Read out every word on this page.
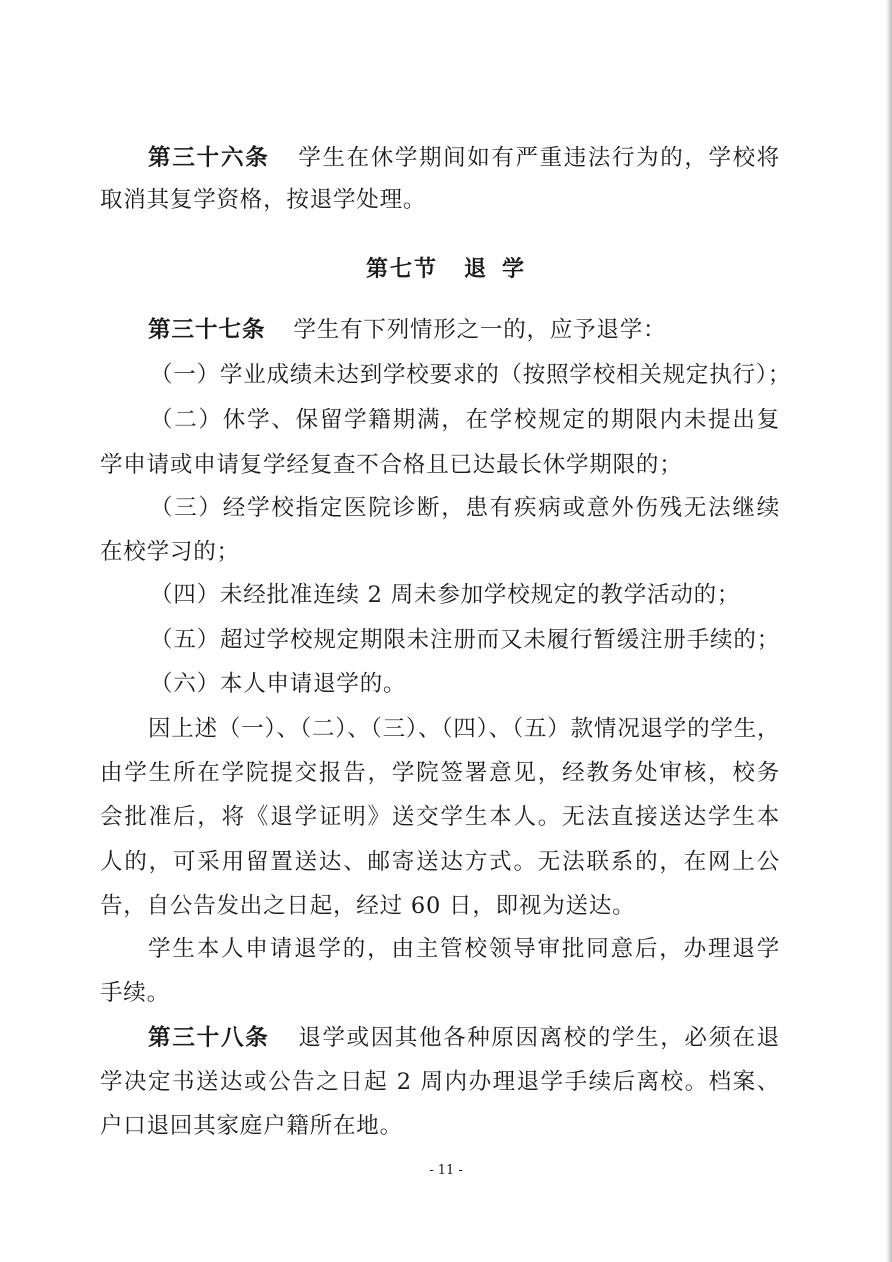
第三十六条 学生在休学期间如有严重违法行为的，学校将
取消其复学资格，按退学处理。
第七节 退 学
第三十七条 学生有下列情形之一的，应予退学：
（一）学业成绩未达到学校要求的（按照学校相关规定执行）；
（二）休学、保留学籍期满，在学校规定的期限内未提出复
学申请或申请复学经复查不合格且已达最长休学期限的；
（三）经学校指定医院诊断，患有疾病或意外伤残无法继续
在校学习的；
（四）未经批准连续 2 周未参加学校规定的教学活动的；
（五）超过学校规定期限未注册而又未履行暂缓注册手续的；
（六）本人申请退学的。
因上述（一）、（二）、（三）、（四）、（五）款情况退学的学生，
由学生所在学院提交报告，学院签署意见，经教务处审核，校务
会批准后，将《退学证明》送交学生本人。无法直接送达学生本
人的，可采用留置送达、邮寄送达方式。无法联系的，在网上公
告，自公告发出之日起，经过 60 日，即视为送达。
学生本人申请退学的，由主管校领导审批同意后，办理退学
手续。
第三十八条 退学或因其他各种原因离校的学生，必须在退
学决定书送达或公告之日起 2 周内办理退学手续后离校。档案、
户口退回其家庭户籍所在地。
- 11 -
